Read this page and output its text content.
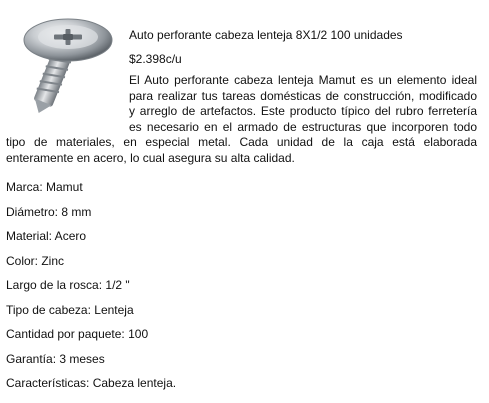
Auto perforante cabeza lenteja 8X1/2 100 unidades
$2.398c/u

El Auto perforante cabeza lenteja Mamut es un elemento ideal para realizar tus tareas domésticas de construcción, modificado y arreglo de artefactos. Este producto típico del rubro ferretería es necesario en el armado de estructuras que incorporen todo tipo de materiales, en especial metal. Cada unidad de la caja está elaborada enteramente en acero, lo cual asegura su alta calidad.

Marca: Mamut
Diámetro: 8 mm
Material: Acero
Color: Zinc
Largo de la rosca: 1/2 "
Tipo de cabeza: Lenteja
Cantidad por paquete: 100
Garantía: 3 meses
Características: Cabeza lenteja.
